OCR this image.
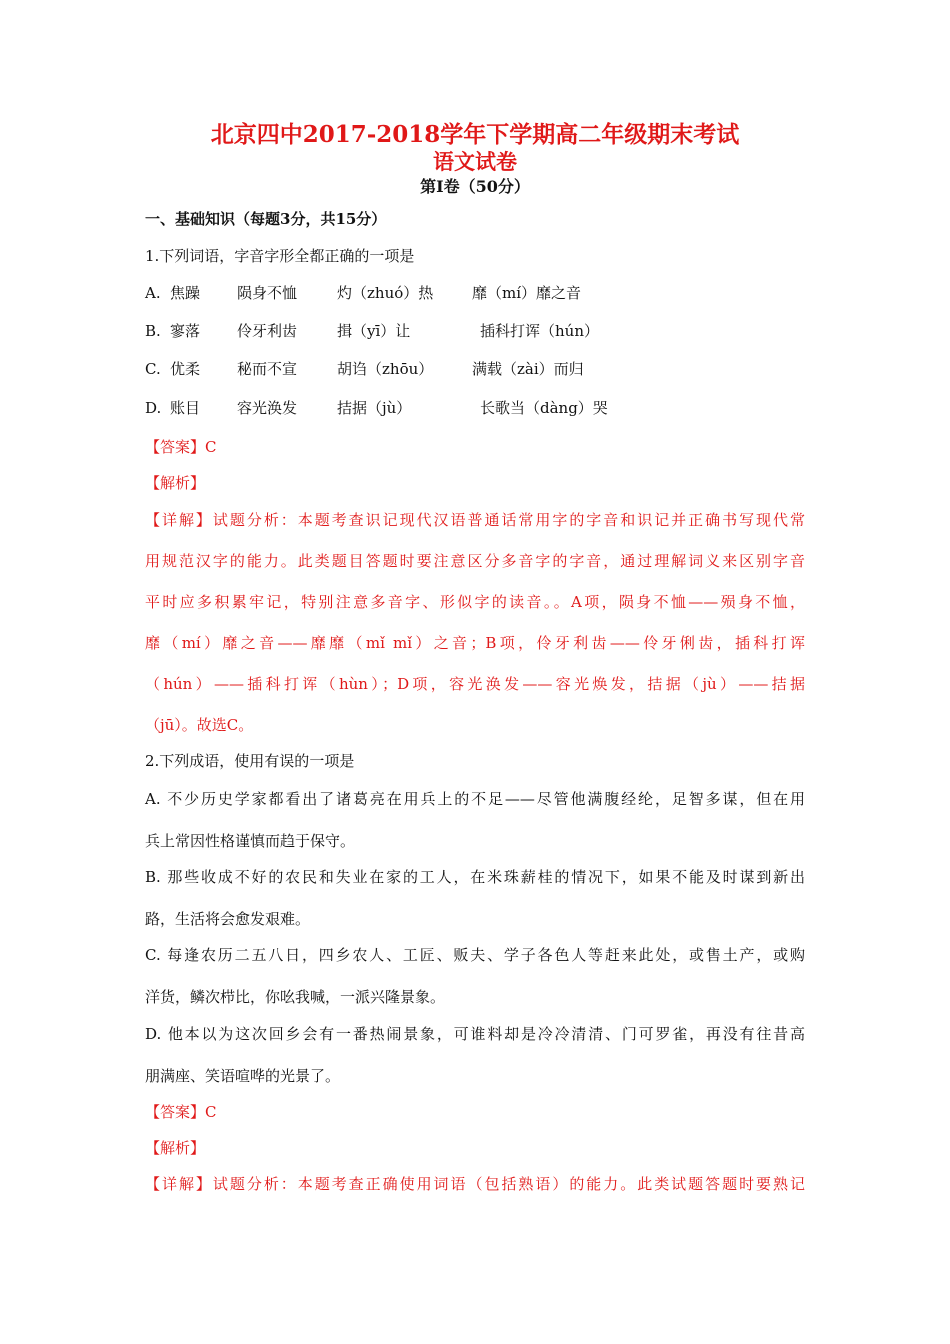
北京四中2017-2018学年下学期高二年级期末考试
语文试卷
第Ⅰ卷（50分）
一、基础知识（每题3分，共15分）
1.下列词语，字音字形全都正确的一项是
A. 焦躁 陨身不恤	灼（zhuó）热	靡（mí）靡之音
B. 寥落 伶牙利齿	揖（yī）让	插科打诨（hún）
C. 优柔 秘而不宣	胡诌（zhōu）	满载（zài）而归
D. 账目 容光涣发	拮据（jù）	长歌当（dàng）哭
【答案】C
【解析】
【详解】试题分析：本题考查识记现代汉语普通话常用字的字音和识记并正确书写现代常
用规范汉字的能力。此类题目答题时要注意区分多音字的字音，通过理解词义来区别字音
平时应多积累牢记，特别注意多音字、形似字的读音。。A项，陨身不恤——殒身不恤，
靡（mí）靡之音——靡靡（mǐ mǐ）之音；B项，伶牙利齿——伶牙俐齿，插科打诨
（hún）——插科打诨（hùn）；D项，容光涣发——容光焕发，拮据（jù）——拮据
（jū）。故选C。
2.下列成语，使用有误的一项是
A. 不少历史学家都看出了诸葛亮在用兵上的不足——尽管他满腹经纶，足智多谋，但在用
兵上常因性格谨慎而趋于保守。
B. 那些收成不好的农民和失业在家的工人，在米珠薪桂的情况下，如果不能及时谋到新出
路，生活将会愈发艰难。
C. 每逢农历二五八日，四乡农人、工匠、贩夫、学子各色人等赶来此处，或售土产，或购
洋货，鳞次栉比，你吆我喊，一派兴隆景象。
D. 他本以为这次回乡会有一番热闹景象，可谁料却是冷冷清清、门可罗雀，再没有往昔高
朋满座、笑语喧哗的光景了。
【答案】C
【解析】
【详解】试题分析：本题考查正确使用词语（包括熟语）的能力。此类试题答题时要熟记
